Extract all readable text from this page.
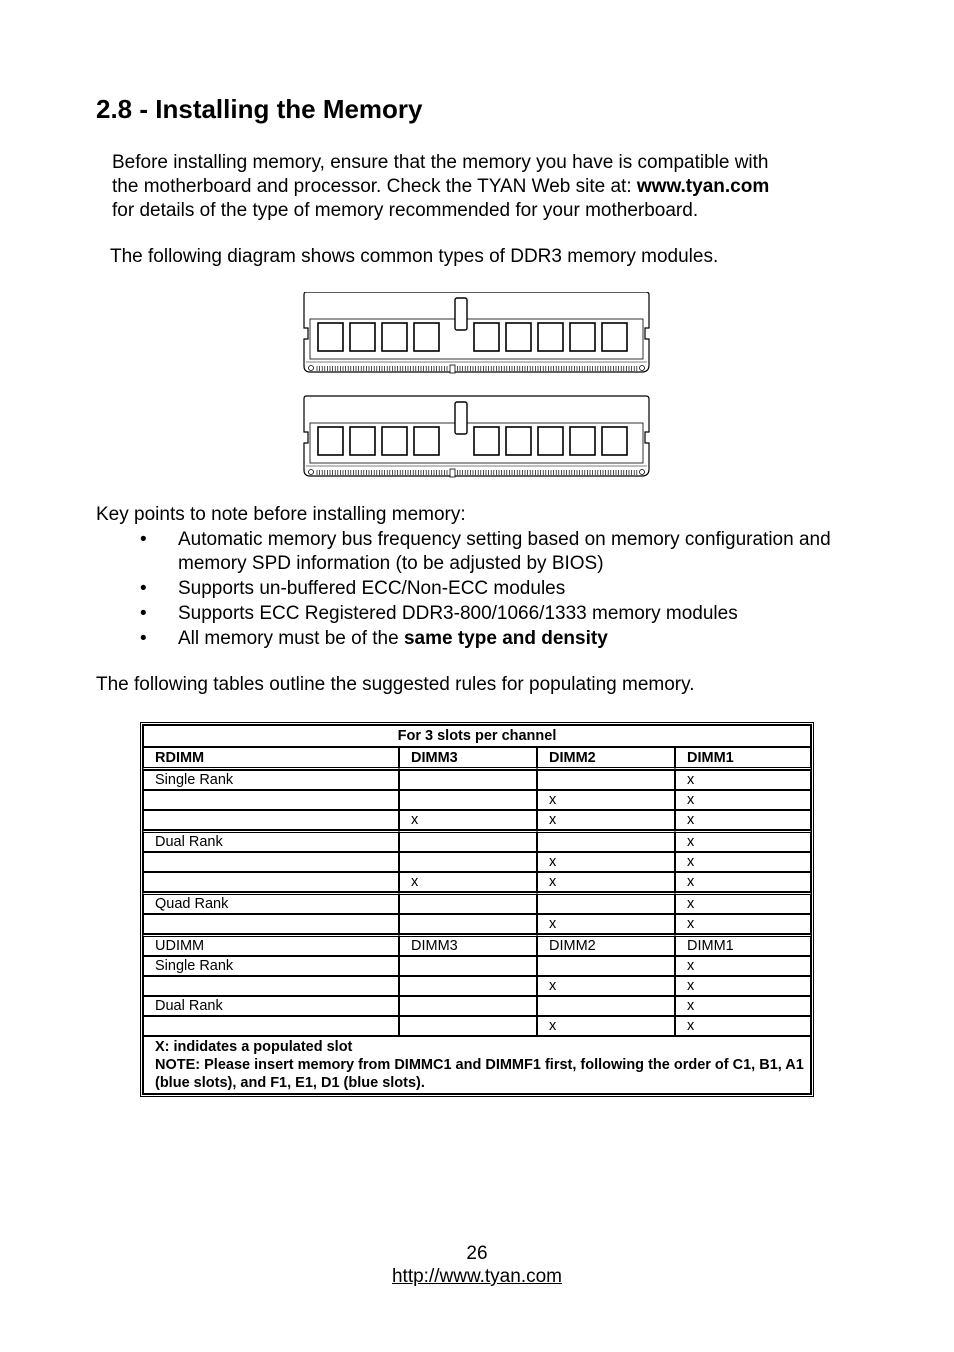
2.8 - Installing the Memory

Before installing memory, ensure that the memory you have is compatible with

the motherboard and processor. Check the TYAN Web site at: www.tyan.com

for details of the type of memory recommended for your motherboard.

The following diagram shows common types of DDR3 memory modules.
Key points to note before installing memory:
• Automatic memory bus frequency setting based on memory configuration and memory SPD information (to be adjusted by BIOS)
• Supports un-buffered ECC/Non-ECC modules
• Supports ECC Registered DDR3-800/1066/1333 memory modules
• All memory must be of the same type and density
The following tables outline the suggested rules for populating memory.
For 3 slots per channel			
RDIMM	DIMM3	DIMM2	DIMM1
Single Rank			x
		x	x
	x	x	x
Dual Rank			x
		x	x
	x	x	x
Quad Rank			x
		x	x
UDIMM	DIMM3	DIMM2	DIMM1
Single Rank			x
		x	x
Dual Rank			x
		x	x

X: indidates a populated slot
NOTE: Please insert memory from DIMMC1 and DIMMF1 first, following the order of C1, B1, A1 (blue slots), and F1, E1, D1 (blue slots).			
26
http://www.tyan.com
